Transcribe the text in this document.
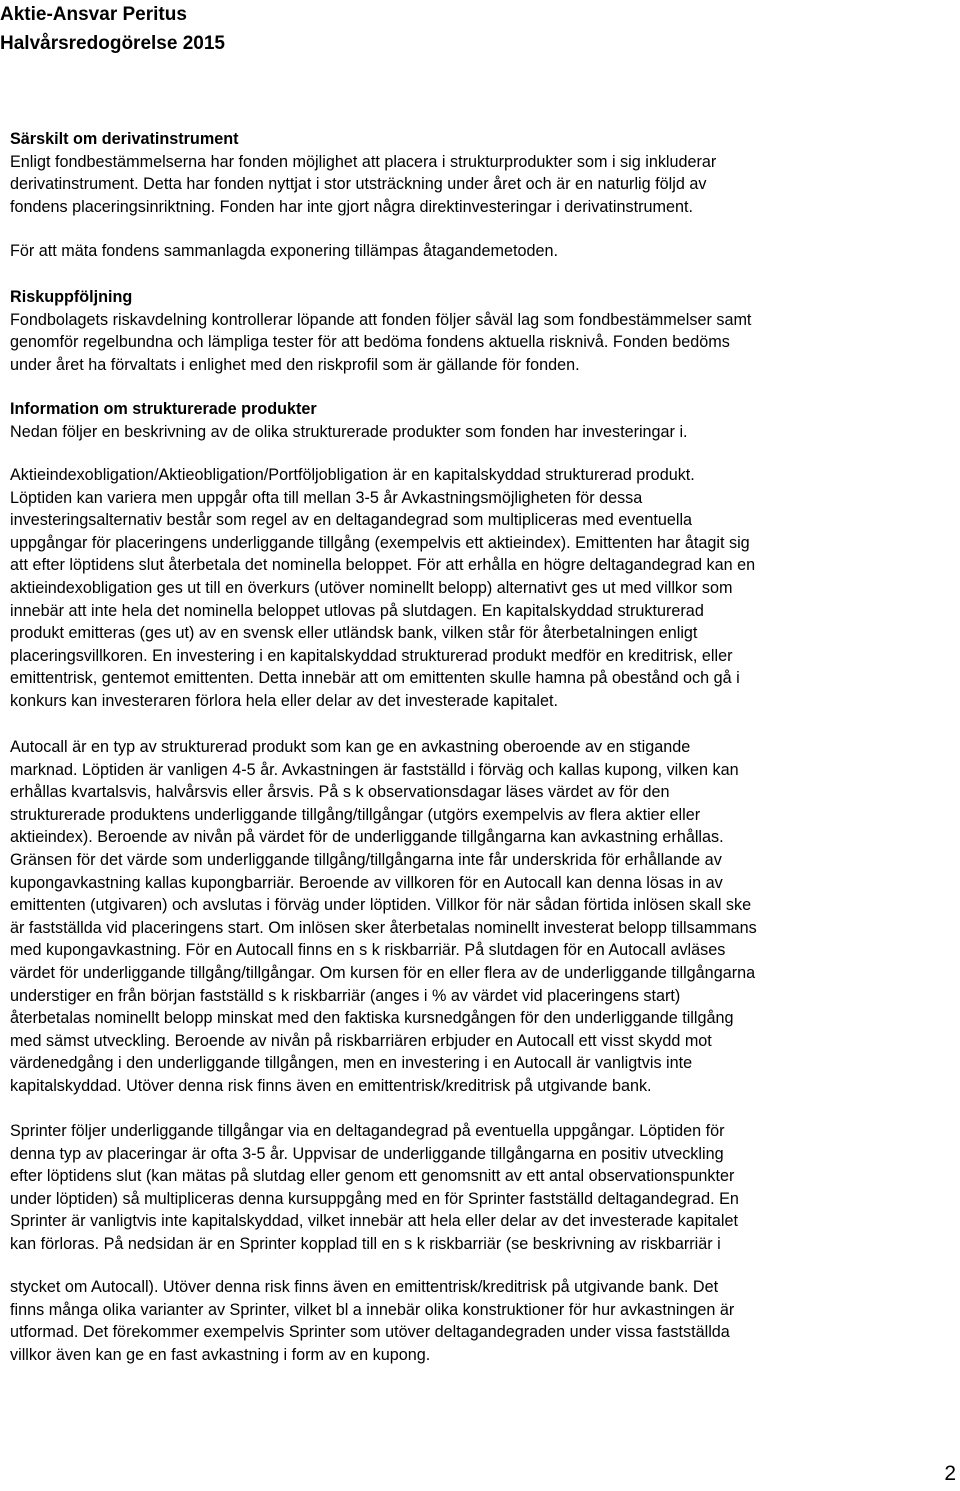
Aktie-Ansvar Peritus
Halvårsredogörelse 2015
Särskilt om derivatinstrument
Enligt fondbestämmelserna har fonden möjlighet att placera i strukturprodukter som i sig inkluderar
derivatinstrument. Detta har fonden nyttjat i stor utsträckning under året och är en naturlig följd av
fondens placeringsinriktning. Fonden har inte gjort några direktinvesteringar i derivatinstrument.
För att mäta fondens sammanlagda exponering tillämpas åtagandemetoden.
Riskuppföljning
Fondbolagets riskavdelning kontrollerar löpande att fonden följer såväl lag som fondbestämmelser samt
genomför regelbundna och lämpliga tester för att bedöma fondens aktuella risknivå. Fonden bedöms
under året ha förvaltats i enlighet med den riskprofil som är gällande för fonden.
Information om strukturerade produkter
Nedan följer en beskrivning av de olika strukturerade produkter som fonden har investeringar i.
Aktieindexobligation/Aktieobligation/Portföljobligation är en kapitalskyddad strukturerad produkt.
Löptiden kan variera men uppgår ofta till mellan 3-5 år Avkastningsmöjligheten för dessa
investeringsalternativ består som regel av en deltagandegrad som multipliceras med eventuella
uppgångar för placeringens underliggande tillgång (exempelvis ett aktieindex). Emittenten har åtagit sig
att efter löptidens slut återbetala det nominella beloppet. För att erhålla en högre deltagandegrad kan en
aktieindexobligation ges ut till en överkurs (utöver nominellt belopp) alternativt ges ut med villkor som
innebär att inte hela det nominella beloppet utlovas på slutdagen. En kapitalskyddad strukturerad
produkt emitteras (ges ut) av en svensk eller utländsk bank, vilken står för återbetalningen enligt
placeringsvillkoren. En investering i en kapitalskyddad strukturerad produkt medför en kreditrisk, eller
emittentrisk, gentemot emittenten. Detta innebär att om emittenten skulle hamna på obestånd och gå i
konkurs kan investeraren förlora hela eller delar av det investerade kapitalet.
Autocall är en typ av strukturerad produkt som kan ge en avkastning oberoende av en stigande
marknad. Löptiden är vanligen 4-5 år. Avkastningen är fastställd i förväg och kallas kupong, vilken kan
erhållas kvartalsvis, halvårsvis eller årsvis. På s k observationsdagar läses värdet av för den
strukturerade produktens underliggande tillgång/tillgångar (utgörs exempelvis av flera aktier eller
aktieindex). Beroende av nivån på värdet för de underliggande tillgångarna kan avkastning erhållas.
Gränsen för det värde som underliggande tillgång/tillgångarna inte får underskrida för erhållande av
kupongavkastning kallas kupongbarriär. Beroende av villkoren för en Autocall kan denna lösas in av
emittenten (utgivaren) och avslutas i förväg under löptiden. Villkor för när sådan förtida inlösen skall ske
är fastställda vid placeringens start. Om inlösen sker återbetalas nominellt investerat belopp tillsammans
med kupongavkastning. För en Autocall finns en s k riskbarriär. På slutdagen för en Autocall avläses
värdet för underliggande tillgång/tillgångar. Om kursen för en eller flera av de underliggande tillgångarna
understiger en från början fastställd s k riskbarriär (anges i % av värdet vid placeringens start)
återbetalas nominellt belopp minskat med den faktiska kursnedgången för den underliggande tillgång
med sämst utveckling. Beroende av nivån på riskbarriären erbjuder en Autocall ett visst skydd mot
värdenedgång i den underliggande tillgången, men en investering i en Autocall är vanligtvis inte
kapitalskyddad. Utöver denna risk finns även en emittentrisk/kreditrisk på utgivande bank.
Sprinter följer underliggande tillgångar via en deltagandegrad på eventuella uppgångar. Löptiden för
denna typ av placeringar är ofta 3-5 år. Uppvisar de underliggande tillgångarna en positiv utveckling
efter löptidens slut (kan mätas på slutdag eller genom ett genomsnitt av ett antal observationspunkter
under löptiden) så multipliceras denna kursuppgång med en för Sprinter fastställd deltagandegrad. En
Sprinter är vanligtvis inte kapitalskyddad, vilket innebär att hela eller delar av det investerade kapitalet
kan förloras. På nedsidan är en Sprinter kopplad till en s k riskbarriär (se beskrivning av riskbarriär i
stycket om Autocall). Utöver denna risk finns även en emittentrisk/kreditrisk på utgivande bank. Det
finns många olika varianter av Sprinter, vilket bl a innebär olika konstruktioner för hur avkastningen är
utformad. Det förekommer exempelvis Sprinter som utöver deltagandegraden under vissa fastställda
villkor även kan ge en fast avkastning i form av en kupong.
2
